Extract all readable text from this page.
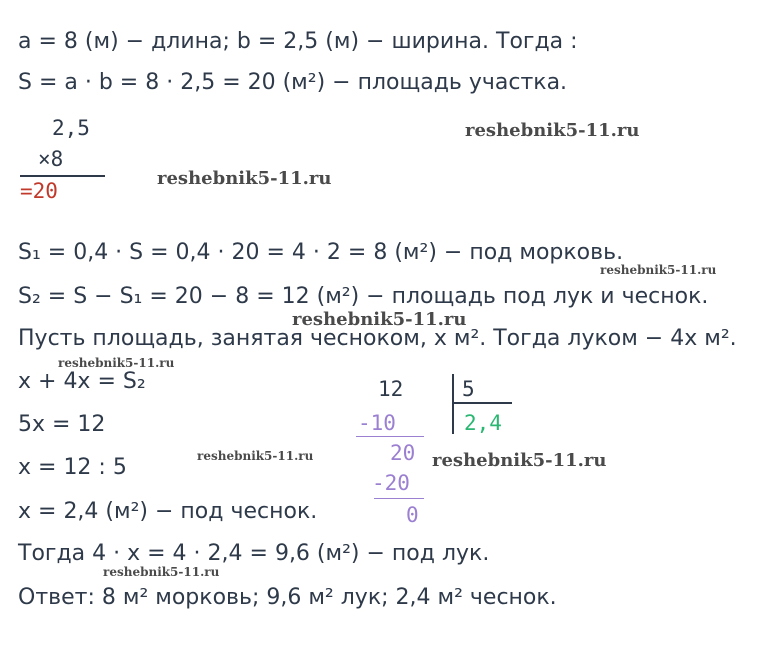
a = 8 (м) − длина; b = 2,5 (м) − ширина. Тогда :
S = a · b = 8 · 2,5 = 20 (м²) − площадь участка.
2,5
×8
=20
S₁ = 0,4 · S = 0,4 · 20 = 4 · 2 = 8 (м²) − под морковь.
S₂ = S − S₁ = 20 − 8 = 12 (м²) − площадь под лук и чеснок.
Пусть площадь, занятая чесноком, x м². Тогда луком − 4x м².
x + 4x = S₂
5x = 12
x = 12 : 5
x = 2,4 (м²) − под чеснок.
Тогда 4 · x = 4 · 2,4 = 9,6 (м²) − под лук.
Ответ: 8 м² морковь; 9,6 м² лук; 2,4 м² чеснок.
12	5
-10	2,4
20
-20
0
reshebnik5-11.ru
reshebnik5-11.ru
reshebnik5-11.ru
reshebnik5-11.ru
reshebnik5-11.ru
reshebnik5-11.ru	reshebnik5-11.ru
reshebnik5-11.ru
